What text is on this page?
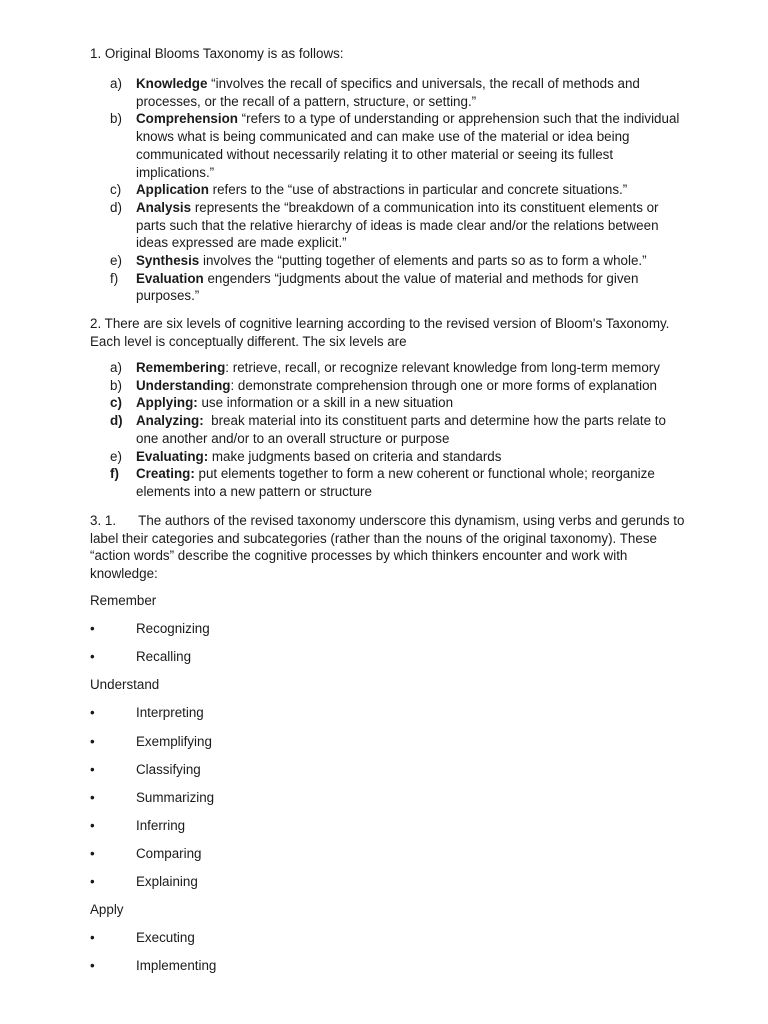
1. Original Blooms Taxonomy is as follows:

a)	Knowledge “involves the recall of specifics and universals, the recall of methods and processes, or the recall of a pattern, structure, or setting.”
b)	Comprehension “refers to a type of understanding or apprehension such that the individual knows what is being communicated and can make use of the material or idea being communicated without necessarily relating it to other material or seeing its fullest implications.”
c)	Application refers to the “use of abstractions in particular and concrete situations.”
d)	Analysis represents the “breakdown of a communication into its constituent elements or parts such that the relative hierarchy of ideas is made clear and/or the relations between ideas expressed are made explicit.”
e)	Synthesis involves the “putting together of elements and parts so as to form a whole.”
f)	Evaluation engenders “judgments about the value of material and methods for given purposes.”

2. There are six levels of cognitive learning according to the revised version of Bloom's Taxonomy. Each level is conceptually different. The six levels are

a)	Remembering: retrieve, recall, or recognize relevant knowledge from long-term memory
b)	Understanding: demonstrate comprehension through one or more forms of explanation
c)	Applying: use information or a skill in a new situation
d) Analyzing:  break material into its constituent parts and determine how the parts relate to one another and/or to an overall structure or purpose
e)	Evaluating: make judgments based on criteria and standards
f)	Creating: put elements together to form a new coherent or functional whole; reorganize elements into a new pattern or structure

3. 1.      The authors of the revised taxonomy underscore this dynamism, using verbs and gerunds to label their categories and subcategories (rather than the nouns of the original taxonomy). These “action words” describe the cognitive processes by which thinkers encounter and work with knowledge:

Remember

•	Recognizing

•	Recalling

Understand

•	Interpreting

•	Exemplifying

•	Classifying

•	Summarizing

•	Inferring

•	Comparing

•	Explaining

Apply

•	Executing

•	Implementing
